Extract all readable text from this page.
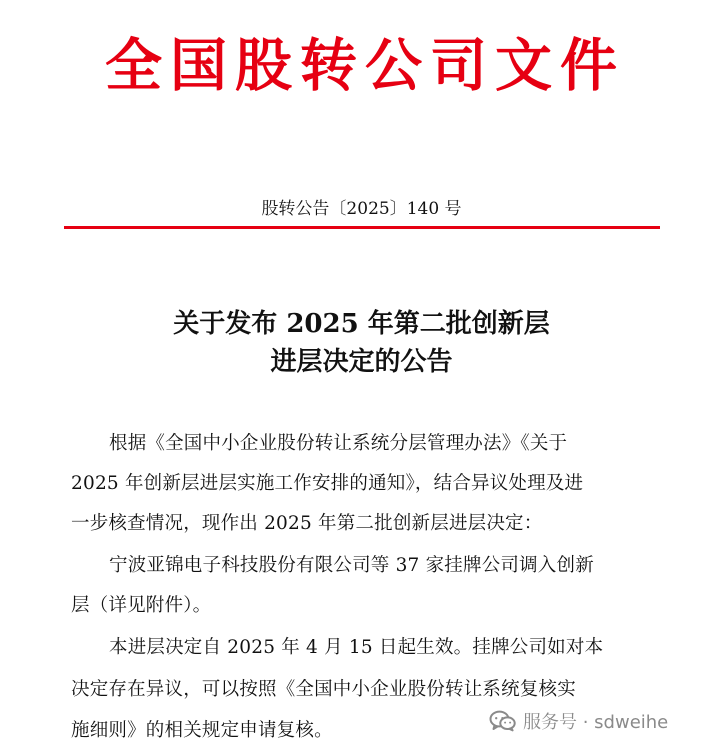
全国股转公司文件
股转公告〔2025〕140 号
关于发布 2025 年第二批创新层
进层决定的公告
根据《全国中小企业股份转让系统分层管理办法》《关于
2025 年创新层进层实施工作安排的通知》，结合异议处理及进
一步核查情况，现作出 2025 年第二批创新层进层决定：
宁波亚锦电子科技股份有限公司等 37 家挂牌公司调入创新
层（详见附件）。
本进层决定自 2025 年 4 月 15 日起生效。挂牌公司如对本
决定存在异议，可以按照《全国中小企业股份转让系统复核实
施细则》的相关规定申请复核。	服务号 · sdweihe
